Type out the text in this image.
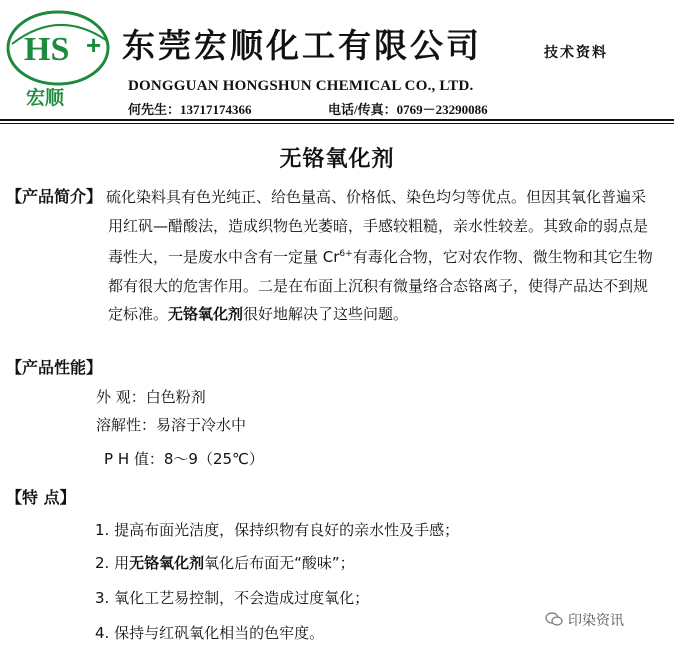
HS +
宏顺
东莞宏顺化工有限公司	技术资料
DONGGUAN HONGSHUN CHEMICAL CO., LTD.
何先生：13717174366	电话/传真：0769－23290086
无铬氧化剂
【产品简介】 硫化染料具有色光纯正、给色量高、价格低、染色均匀等优点。但因其氧化普遍采
用红矾—醋酸法，造成织物色光萎暗，手感较粗糙，亲水性较差。其致命的弱点是
毒性大，一是废水中含有一定量 $Cr^{6+}$有毒化合物，它对农作物、微生物和其它生物
都有很大的危害作用。二是在布面上沉积有微量络合态铬离子，使得产品达不到规
定标准。无铬氧化剂很好地解决了这些问题。
【产品性能】
外 观：白色粉剂
溶解性：易溶于冷水中
P H 值：8～9（25℃）
【特 点】
1. 提高布面光洁度，保持织物有良好的亲水性及手感；
2. 用无铬氧化剂氧化后布面无“酸味”；
3. 氧化工艺易控制，不会造成过度氧化；
4. 保持与红矾氧化相当的色牢度。
印染资讯
